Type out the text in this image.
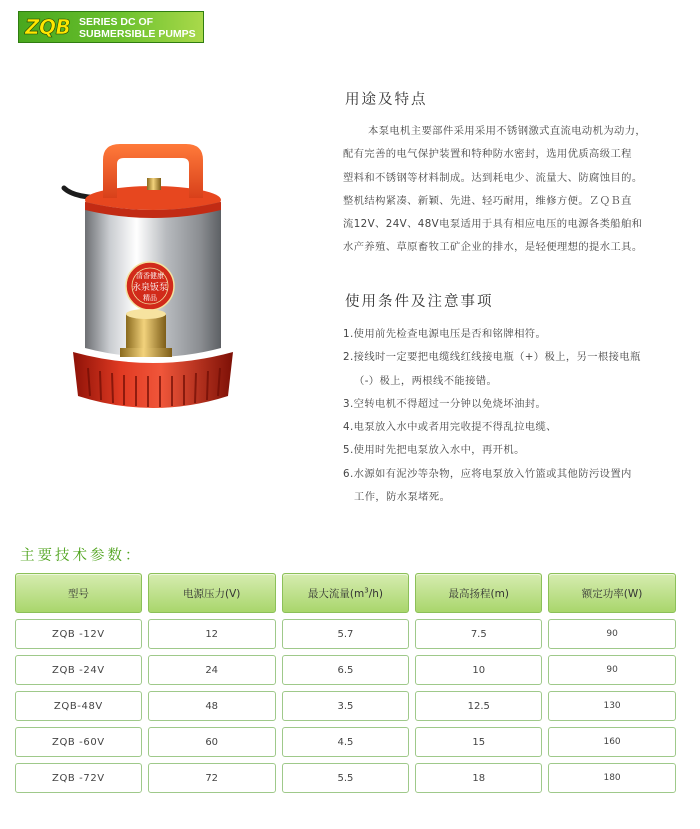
ZQB SERIES DC OF
SUBMERSIBLE PUMPS
清香健康
永泉钣泵
精品
用途及特点
本泵电机主要部件采用采用不锈钢激式直流电动机为动力，
配有完善的电气保护装置和特种防水密封，选用优质高级工程
塑料和不锈钢等材料制成。达到耗电少、流量大、防腐蚀目的。
整机结构紧凑、新颖、先进、轻巧耐用，维修方便。ＺＱＢ直
流12V、24V、48V电泵适用于具有相应电压的电源各类船舶和
水产养殖、草原畜牧工矿企业的排水，是轻便理想的提水工具。
使用条件及注意事项
1.使用前先检查电源电压是否和铭牌相符。
2.接线时一定要把电缆线红线接电瓶（+）极上，另一根接电瓶
（-）极上，两根线不能接错。
3.空转电机不得超过一分钟以免烧坏油封。
4.电泵放入水中或者用完收提不得乱拉电缆、
5.使用时先把电泵放入水中，再开机。
6.水源如有泥沙等杂物，应将电泵放入竹篮或其他防污设置内
工作，防水泵堵死。
主要技术参数：
型号	电源压力(V)	最大流量$(m^3/h)$	最高扬程(m)	额定功率(W)
ZQB -12V	12	5.7	7.5	90
ZQB -24V	24	6.5	10	90
ZQB-48V	48	3.5	12.5	130
ZQB -60V	60	4.5	15	160
ZQB -72V	72	5.5	18	180
